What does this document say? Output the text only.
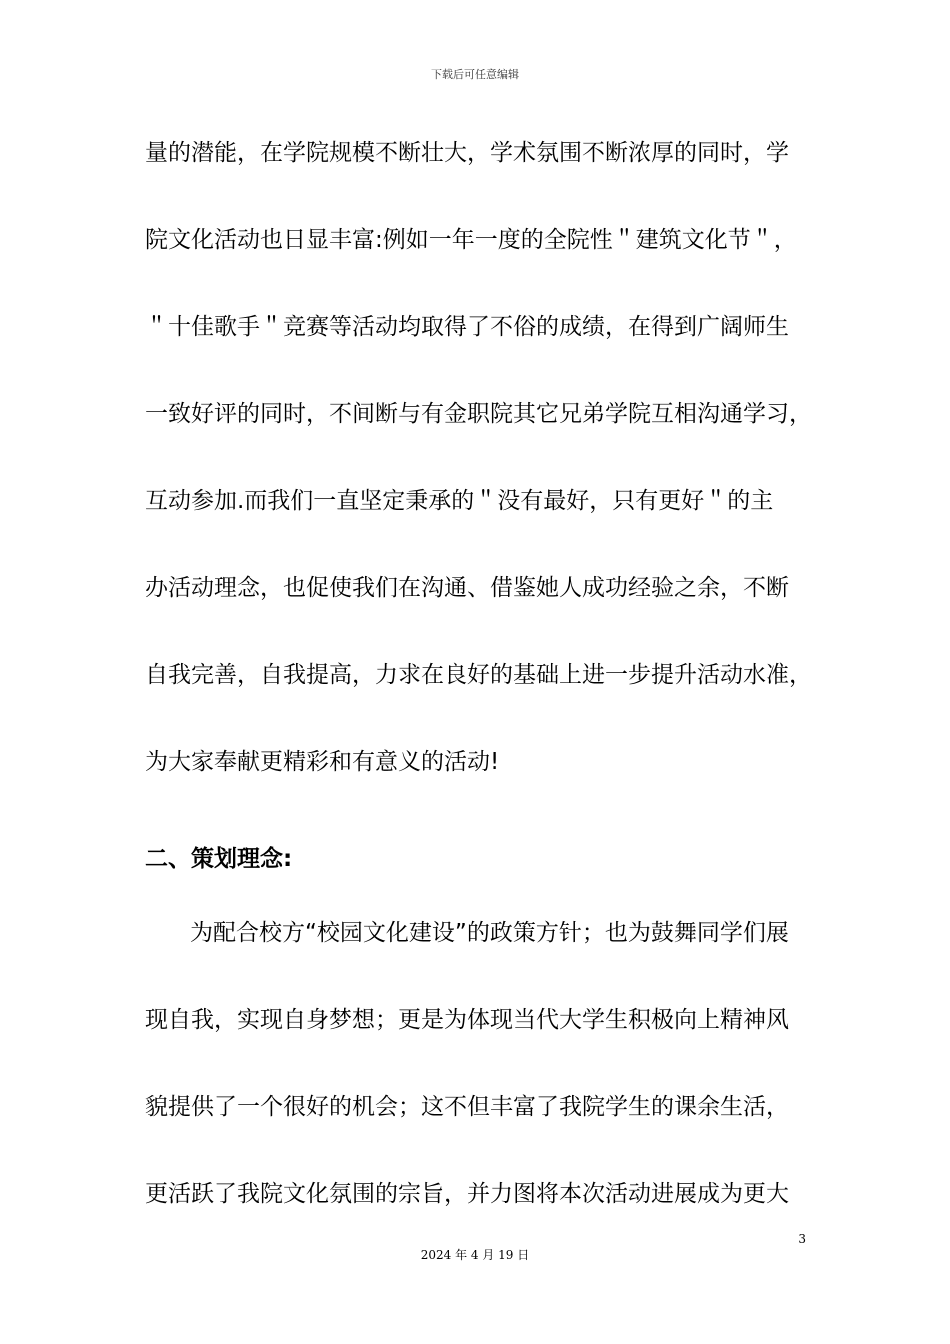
下载后可任意编辑
量的潜能，在学院规模不断壮大，学术氛围不断浓厚的同时，学
院文化活动也日显丰富:例如一年一度的全院性＂建筑文化节＂，
＂十佳歌手＂竞赛等活动均取得了不俗的成绩，在得到广阔师生
一致好评的同时，不间断与有金职院其它兄弟学院互相沟通学习，
互动参加.而我们一直坚定秉承的＂没有最好，只有更好＂的主
办活动理念，也促使我们在沟通、借鉴她人成功经验之余，不断
自我完善，自我提高，力求在良好的基础上进一步提升活动水准，
为大家奉献更精彩和有意义的活动!
二、策划理念:
为配合校方“校园文化建设”的政策方针；也为鼓舞同学们展
现自我，实现自身梦想；更是为体现当代大学生积极向上精神风
貌提供了一个很好的机会；这不但丰富了我院学生的课余生活，
更活跃了我院文化氛围的宗旨，并力图将本次活动进展成为更大
3
2024 年 4 月 19 日
